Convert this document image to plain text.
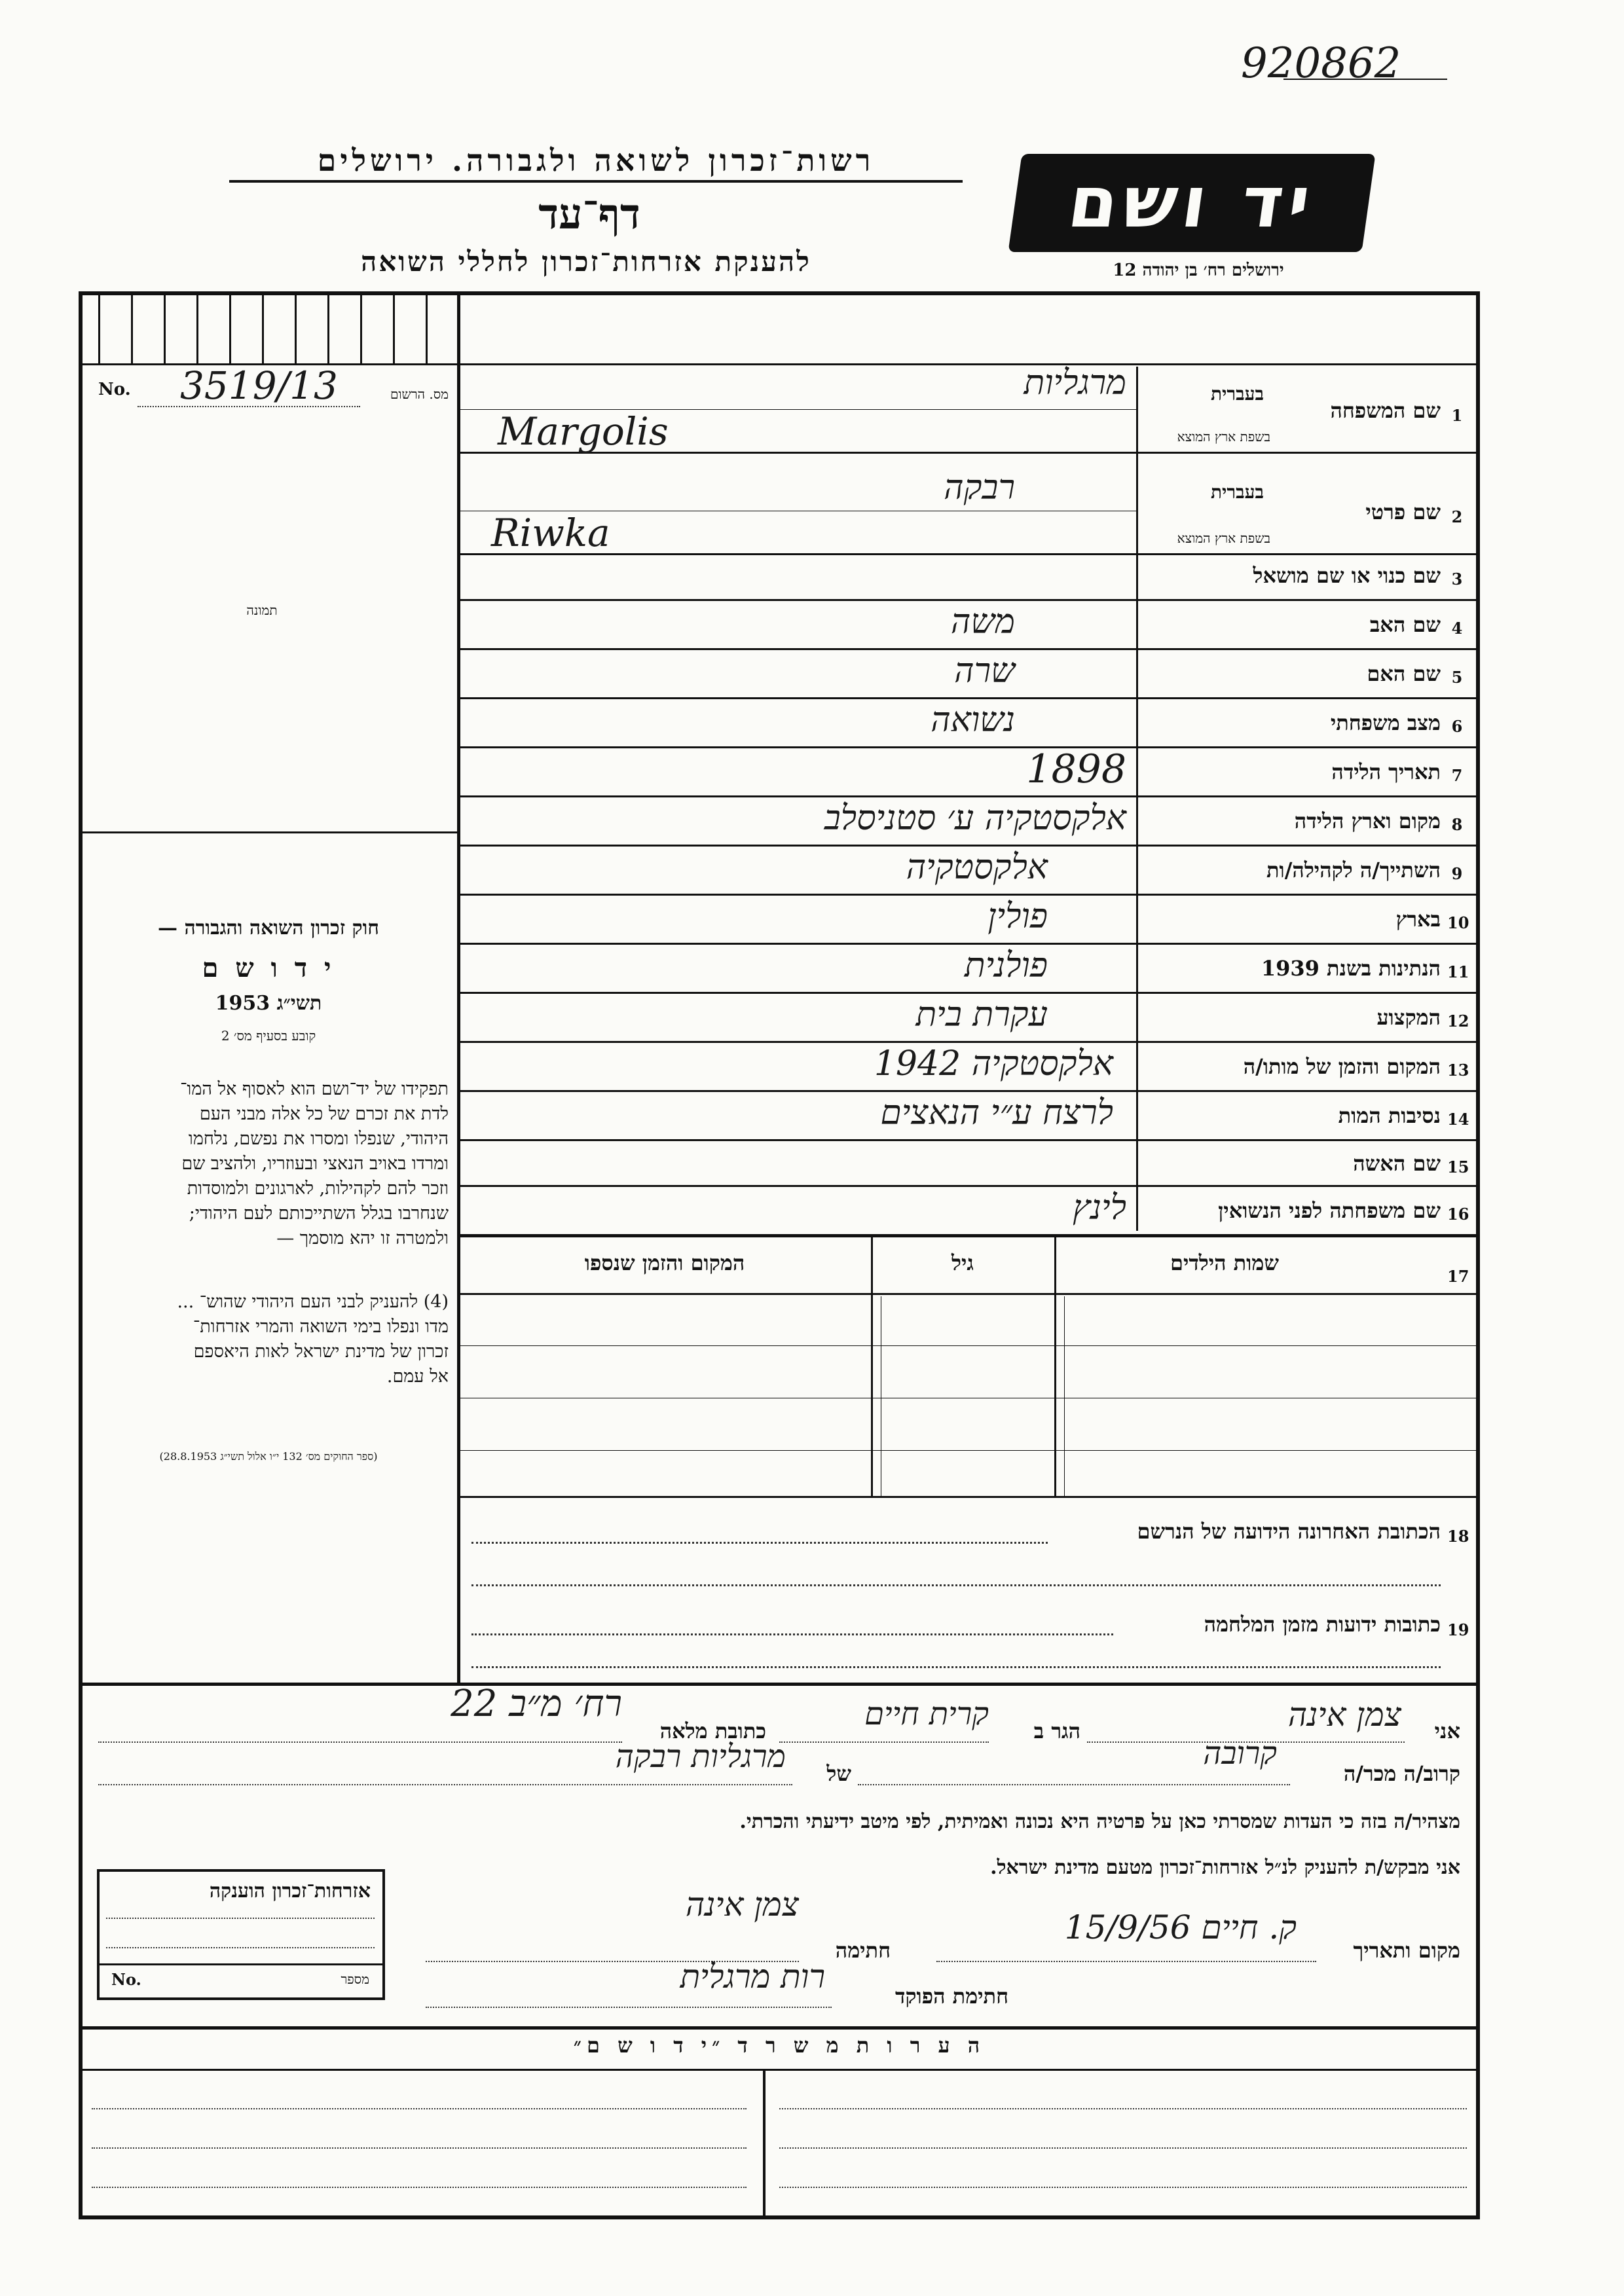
920862
רשות־זכרון לשואה ולגבורה. ירושלים
דף־עד
להענקת אזרחות־זכרון לחללי השואה
יד ושם
ירושלים רח׳ בן יהודה 12
No. 3519/13	מס. הרשום
תמונה
חוק זכרון השואה והגבורה —
י ד ו ש ם
תשי״ג 1953
קובע בסעיף מס׳ 2
תפקידו של יד־ושם הוא לאסוף אל המו־
לדת את זכרם של כל אלה מבני העם
היהודי, שנפלו ומסרו את נפשם, נלחמו
ומרדו באויב הנאצי ובעוזריו, ולהציב שם
וזכר להם לקהילות, לארגונים ולמוסדות
שנחרבו בגלל השתייכותם לעם היהודי;
ולמטרה זו יהא מוסמך —
(4) להעניק לבני העם היהודי שהוש־ ...
מדו ונפלו בימי השואה והמרי אזרחות־
זכרון של מדינת ישראל לאות היאספם
אל עמם.
(ספר החוקים מס׳ 132 י״ו אלול תשי״ג 28.8.1953)
1
שם המשפחה
בעברית
בשפת ארץ המוצא
מרגליות
Margolis
2
שם פרטי
בעברית
בשפת ארץ המוצא
רבקה
Riwka
3
שם כנוי או שם מושאל
4
שם האב
משה
5
שם האם
שרה
6
מצב משפחתי
נשואה
7
תאריך הלידה
1898
8
מקום וארץ הלידה
אלקסטקיה ע׳ סטניסלב
9
השתייך/ה לקהילה/ות
אלקסטקיה
10
בארץ
פולין
11
הנתינות בשנת 1939
פולנית
12
המקצוע
עקרת בית
13
המקום והזמן של מותו/ה
אלקסטקיה 1942
14
נסיבות המות
לרצח ע״י הנאצים
15
שם האשה
16
שם משפחתה לפני הנשואין
לינץ
17
שמות הילדים
גיל
המקום והזמן שנספו
18
הכתובת האחרונה הידועה של הנרשם
19
כתובות ידועות מזמן המלחמה
אני
צמן אינה
הגר ב
קרית חיים
כתובת מלאה
רח׳ מ״ב 22
קרוב/ה מכר/ה
קרובה
של
מרגליות רבקה
מצהיר/ה בזה כי העדות שמסרתי כאן על פרטיה היא נכונה ואמיתית, לפי מיטב ידיעתי והכרתי.
אני מבקש/ת להעניק לנ״ל אזרחות־זכרון מטעם מדינת ישראל.
מקום ותאריך
ק. חיים 15/9/56
חתימה
צמן אינה
חתימת הפוקד
רות מרגלית
אזרחות־זכרון הוענקה
No.	מספר
ה ע ר ו ת מ ש ר ד ״י ד ו ש ם״
